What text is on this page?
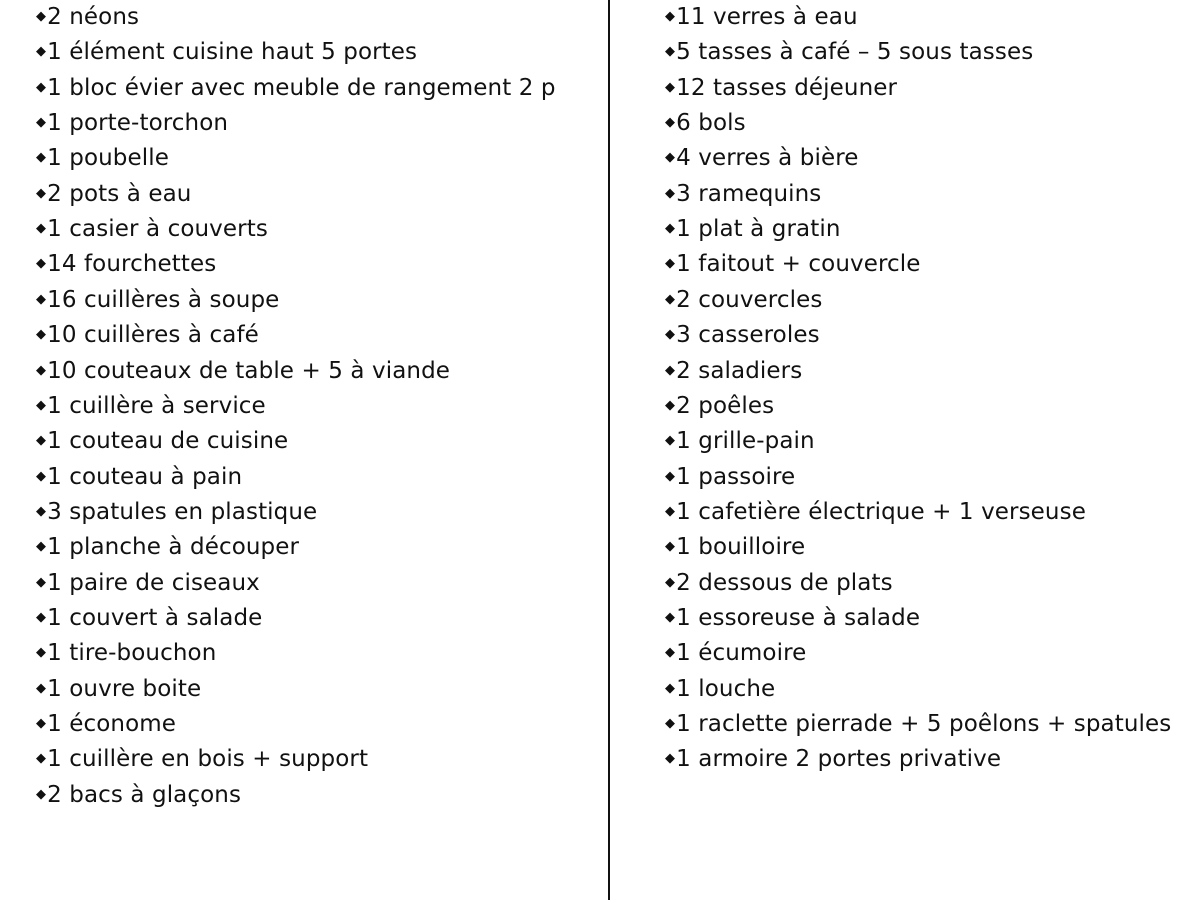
◆2 néons
◆1 élément cuisine haut 5 portes
◆1 bloc évier avec meuble de rangement 2 p
◆1 porte-torchon
◆1 poubelle
◆2 pots à eau
◆1 casier à couverts
◆14 fourchettes
◆16 cuillères à soupe
◆10 cuillères à café
◆10 couteaux de table + 5 à viande
◆1 cuillère à service
◆1 couteau de cuisine
◆1 couteau à pain
◆3 spatules en plastique
◆1 planche à découper
◆1 paire de ciseaux
◆1 couvert à salade
◆1 tire-bouchon
◆1 ouvre boite
◆1 économe
◆1 cuillère en bois + support
◆2 bacs à glaçons
◆11 verres à eau
◆5 tasses à café – 5 sous tasses
◆12 tasses déjeuner
◆6 bols
◆4 verres à bière
◆3 ramequins
◆1 plat à gratin
◆1 faitout + couvercle
◆2 couvercles
◆3 casseroles
◆2 saladiers
◆2 poêles
◆1 grille-pain
◆1 passoire
◆1 cafetière électrique + 1 verseuse
◆1 bouilloire
◆2 dessous de plats
◆1 essoreuse à salade
◆1 écumoire
◆1 louche
◆1 raclette pierrade + 5 poêlons + spatules
◆1 armoire 2 portes privative
